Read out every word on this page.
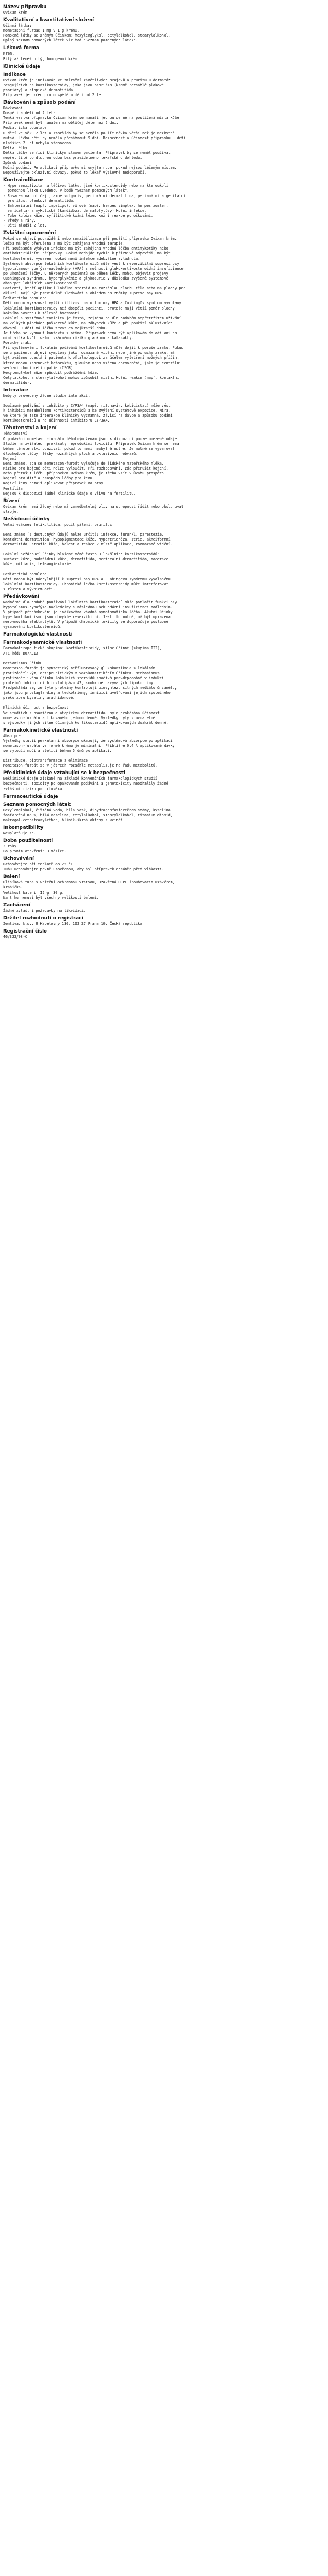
Název přípravku
Ovixan krém
Kvalitativní a kvantitativní složení
Účinná látka:
mometasoni furoas 1 mg v 1 g krému.
Pomocné látky se známým účinkem: hexylenglykol, cetylalkohol, stearylalkohol.
Úplný seznam pomocných látek viz bod "Seznam pomocných látek".
Léková forma
Krém.
Bílý až téměř bílý, homogenní krém.
Klinické údaje
Indikace
Ovixan krém je indikován ke zmírnění zánětlivých projevů a pruritu u dermatóz
reagujících na kortikosteroidy, jako jsou psoriáza (kromě rozsáhlé plakové
psoriázy) a atopická dermatitida.
Přípravek je určen pro dospělé a děti od 2 let.
Dávkování a způsob podání
Dávkování
Dospělí a děti od 2 let:
Tenká vrstva přípravku Ovixan krém se nanáší jednou denně na postižená místa kůže.
Přípravek nemá být nanášen na obličej déle než 5 dní.
Pediatrická populace
U dětí ve věku 2 let a starších by se neměla použít dávka větší než je nezbytně
nutná. Léčba dětí by neměla přesáhnout 5 dní. Bezpečnost a účinnost přípravku u dětí
mladších 2 let nebyla stanovena.
Délka léčby
Délka léčby se řídí klinickým stavem pacienta. Přípravek by se neměl používat
nepřetržitě po dlouhou dobu bez pravidelného lékařského dohledu.
Způsob podání
Kožní podání. Po aplikaci přípravku si umyjte ruce, pokud nejsou léčeným místem.
Nepoužívejte okluzivní obvazy, pokud to lékař výslovně nedoporučí.
Kontraindikace
- Hypersenzitivita na léčivou látku, jiné kortikosteroidy nebo na kteroukoli
pomocnou látku uvedenou v bodě "Seznam pomocných látek".
- Rosacea na obličeji, akné vulgaris, periorální dermatitida, perianální a genitální
pruritus, plenková dermatitida.
- Bakteriální (např. impetigo), virové (např. herpes simplex, herpes zoster,
varicella) a mykotické (kandidóza, dermatofytózy) kožní infekce.
- Tuberkulóza kůže, syfilitické kožní léze, kožní reakce po očkování.
- Vředy a rány.
- Děti mladší 2 let.
Zvláštní upozornění
Pokud se objeví podráždění nebo senzibilizace při použití přípravku Ovixan krém,
léčba má být přerušena a má být zahájena vhodná terapie.
Při současném výskytu infekce má být zahájena vhodná léčba antimykotiky nebo
antibakteriálními přípravky. Pokud nedojde rychle k příznivé odpovědi, má být
kortikosteroid vysazen, dokud není infekce adekvátně zvládnuta.
Systémová absorpce lokálních kortikosteroidů může vést k reverzibilní supresi osy
hypotalamus-hypofýza-nadledviny (HPA) s možností glukokortikosteroidní insuficience
po ukončení léčby. U některých pacientů se během léčby mohou objevit projevy
Cushingova syndromu, hyperglykémie a glykosurie v důsledku zvýšené systémové
absorpce lokálních kortikosteroidů.
Pacienti, kteří aplikují lokální steroid na rozsáhlou plochu těla nebo na plochy pod
okluzí, mají být pravidelně sledováni s ohledem na známky suprese osy HPA.
Pediatrická populace
Děti mohou vykazovat vyšší citlivost na útlum osy HPA a Cushingův syndrom vyvolaný
lokálními kortikosteroidy než dospělí pacienti, protože mají větší poměr plochy
kožního povrchu k tělesné hmotnosti.
Lokální a systémová toxicita je častá, zejména po dlouhodobém nepřetržitém užívání
na velkých plochách poškozené kůže, na záhybech kůže a při použití okluzivních
obvazů. U dětí má léčba trvat co nejkratší dobu.
Je třeba se vyhnout kontaktu s očima. Přípravek nemá být aplikován do očí ani na
oční víčka kvůli velmi vzácnému riziku glaukomu a katarakty.
Poruchy zraku
Při systémovém i lokálním podávání kortikosteroidů může dojít k poruše zraku. Pokud
se u pacienta objeví symptomy jako rozmazané vidění nebo jiné poruchy zraku, má
být zváženo odeslání pacienta k oftalmologovi za účelem vyšetření možných příčin,
které mohou zahrnovat kataraktu, glaukom nebo vzácná onemocnění, jako je centrální
serózní chorioretinopatie (CSCR).
Hexylenglykol může způsobit podráždění kůže.
Cetylalkohol a stearylalkohol mohou způsobit místní kožní reakce (např. kontaktní
dermatitidu).
Interakce
Nebyly provedeny žádné studie interakcí.
Současné podávání s inhibitory CYP3A4 (např. ritonavir, kobicistat) může vést
k inhibici metabolismu kortikosteroidů a ke zvýšení systémové expozice. Míra,
ve které je tato interakce klinicky významná, závisí na dávce a způsobu podání
kortikosteroidů a na účinnosti inhibitoru CYP3A4.
Těhotenství a kojení
Těhotenství
O podávání mometason-furoátu těhotným ženám jsou k dispozici pouze omezené údaje.
Studie na zvířatech prokázaly reprodukční toxicitu. Přípravek Ovixan krém se nemá
během těhotenství používat, pokud to není nezbytně nutné. Je nutné se vyvarovat
dlouhodobé léčby, léčby rozsáhlých ploch a okluzivních obvazů.
Kojení
Není známo, zda se mometason-furoát vylučuje do lidského mateřského mléka.
Riziko pro kojené děti nelze vyloučit. Při rozhodování, zda přerušit kojení,
nebo přerušit léčbu přípravkem Ovixan krém, je třeba vzít v úvahu prospěch
kojení pro dítě a prospěch léčby pro ženu.
Kojící ženy nemají aplikovat přípravek na prsy.
Fertilita
Nejsou k dispozici žádné klinické údaje o vlivu na fertilitu.
Řízení
Ovixan krém nemá žádný nebo má zanedbatelný vliv na schopnost řídit nebo obsluhovat
stroje.
Nežádoucí účinky
Velmi vzácné: folikulitida, pocit pálení, pruritus.
Není známo (z dostupných údajů nelze určit): infekce, furunkl, parestezie,
kontaktní dermatitida, hypopigmentace kůže, hypertrichóza, strie, akneiformní
dermatitida, atrofie kůže, bolest a reakce v místě aplikace, rozmazané vidění.
Lokální nežádoucí účinky hlášené méně často u lokálních kortikosteroidů:
suchost kůže, podráždění kůže, dermatitida, periorální dermatitida, macerace
kůže, miliaria, teleangiektazie.
Pediatrická populace
Děti mohou být náchylnější k supresi osy HPA a Cushingovu syndromu vyvolanému
lokálními kortikosteroidy. Chronická léčba kortikosteroidy může interferovat
s růstem a vývojem dětí.
Předávkování
Nadměrné dlouhodobé používání lokálních kortikosteroidů může potlačit funkci osy
hypotalamus-hypofýza-nadledviny s následnou sekundární insuficiencí nadledvin.
V případě předávkování je indikována vhodná symptomatická léčba. Akutní účinky
hyperkortikoidismu jsou obvykle reverzibilní. Je-li to nutné, má být upravena
nerovnováha elektrolytů. V případě chronické toxicity se doporučuje postupné
vysazování kortikosteroidů.
Farmakologické vlastnosti
Farmakodynamické vlastnosti
Farmakoterapeutická skupina: kortikosteroidy, silně účinné (skupina III),
ATC kód: D07AC13
Mechanismus účinku
Mometason-furoát je syntetický neřfluorovaný glukokortikoid s lokálním
protizánětlivým, antipruritickým a vazokonstrikčním účinkem. Mechanismus
protizánětlivého účinku lokálních steroidů spočívá pravděpodobně v indukci
proteinů inhibujících fosfolipázu A2, souhrnně nazývaných lipokortiny.
Předpokládá se, že tyto proteiny kontrolují biosyntézu silných mediátorů zánětu,
jako jsou prostaglandiny a leukotrieny, inhibicí uvolňování jejich společného
prekurzoru kyseliny arachidonové.
Klinická účinnost a bezpečnost
Ve studiích s psoriázou a atopickou dermatitidou byla prokázána účinnost
mometason-furoátu aplikovaného jednou denně. Výsledky byly srovnatelné
s výsledky jiných silně účinných kortikosteroidů aplikovaných dvakrát denně.
Farmakokinetické vlastnosti
Absorpce
Výsledky studií perkutánní absorpce ukazují, že systémová absorpce po aplikaci
mometason-furoátu ve formě krému je minimální. Přibližně 0,4 % aplikované dávky
se vyloučí močí a stolicí během 5 dnů po aplikaci.
Distribuce, biotransformace a eliminace
Mometason-furoát se v játrech rozsáhle metabolizuje na řadu metabolitů.
Předklinické údaje vztahující se k bezpečnosti
Neklinické údaje získané na základě konvenčních farmakologických studií
bezpečnosti, toxicity po opakovaném podávání a genotoxicity neodhalily žádné
zvláštní riziko pro člověka.
Farmaceutické údaje
Seznam pomocných látek
Hexylenglykol, čištěná voda, bílá vosk, dihydrogenfosforečnan sodný, kyselina
fosforečná 85 %, bílá vazelína, cetylalkohol, stearylalkohol, titanium dioxid,
makrogol-cetostearylether, hliník-škrob oktenylsukcinát.
Inkompatibility
Neuplatňuje se.
Doba použitelnosti
2 roky.
Po prvním otevření: 3 měsíce.
Uchovávání
Uchovávejte při teplotě do 25 °C.
Tubu uchovávejte pevně uzavřenou, aby byl přípravek chráněn před vlhkostí.
Balení
Hliníková tuba s vnitřní ochrannou vrstvou, uzavřená HDPE šroubovacím uzávěrem,
krabička.
Velikost balení: 15 g, 30 g.
Na trhu nemusí být všechny velikosti balení.
Zacházení
Žádné zvláštní požadavky na likvidaci.
Držitel rozhodnutí o registraci
Zentiva, k.s., U Kabelovny 130, 102 37 Praha 10, Česká republika
Registrační číslo
46/322/08-C
